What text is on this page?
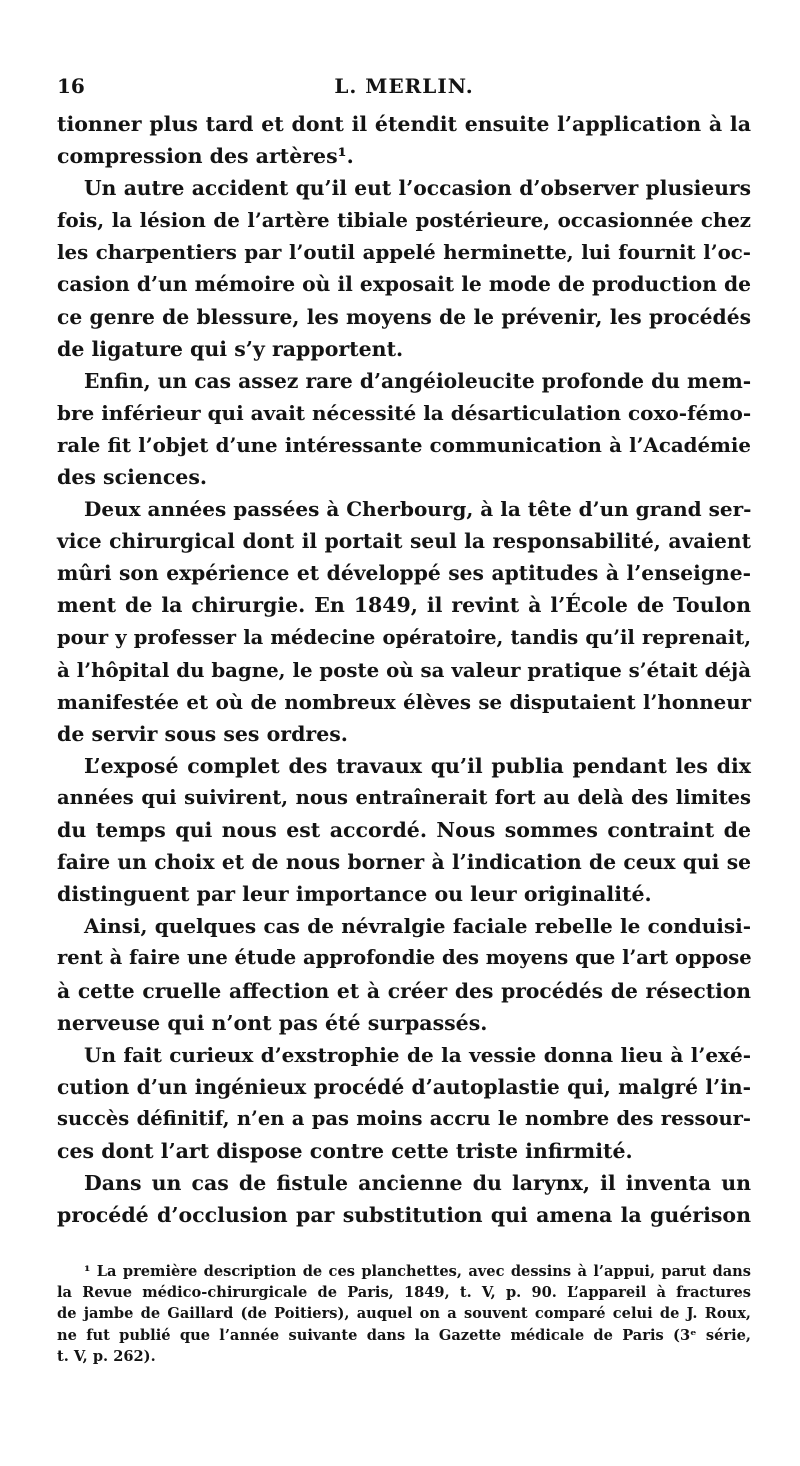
16	L. MERLIN.
tionner plus tard et dont il étendit ensuite l’application à la
compression des artères¹.
Un autre accident qu’il eut l’occasion d’observer plusieurs
fois, la lésion de l’artère tibiale postérieure, occasionnée chez
les charpentiers par l’outil appelé herminette, lui fournit l’oc-
casion d’un mémoire où il exposait le mode de production de
ce genre de blessure, les moyens de le prévenir, les procédés
de ligature qui s’y rapportent.
Enfin, un cas assez rare d’angéioleucite profonde du mem-
bre inférieur qui avait nécessité la désarticulation coxo-fémo-
rale fit l’objet d’une intéressante communication à l’Académie
des sciences.
Deux années passées à Cherbourg, à la tête d’un grand ser-
vice chirurgical dont il portait seul la responsabilité, avaient
mûri son expérience et développé ses aptitudes à l’enseigne-
ment de la chirurgie. En 1849, il revint à l’École de Toulon
pour y professer la médecine opératoire, tandis qu’il reprenait,
à l’hôpital du bagne, le poste où sa valeur pratique s’était déjà
manifestée et où de nombreux élèves se disputaient l’honneur
de servir sous ses ordres.
L’exposé complet des travaux qu’il publia pendant les dix
années qui suivirent, nous entraînerait fort au delà des limites
du temps qui nous est accordé. Nous sommes contraint de
faire un choix et de nous borner à l’indication de ceux qui se
distinguent par leur importance ou leur originalité.
Ainsi, quelques cas de névralgie faciale rebelle le conduisi-
rent à faire une étude approfondie des moyens que l’art oppose
à cette cruelle affection et à créer des procédés de résection
nerveuse qui n’ont pas été surpassés.
Un fait curieux d’exstrophie de la vessie donna lieu à l’exé-
cution d’un ingénieux procédé d’autoplastie qui, malgré l’in-
succès définitif, n’en a pas moins accru le nombre des ressour-
ces dont l’art dispose contre cette triste infirmité.
Dans un cas de fistule ancienne du larynx, il inventa un
procédé d’occlusion par substitution qui amena la guérison
¹ La première description de ces planchettes, avec dessins à l’appui, parut dans
la Revue médico-chirurgicale de Paris, 1849, t. V, p. 90. L’appareil à fractures
de jambe de Gaillard (de Poitiers), auquel on a souvent comparé celui de J. Roux,
ne fut publié que l’année suivante dans la Gazette médicale de Paris (3ᵉ série,
t. V, p. 262).
